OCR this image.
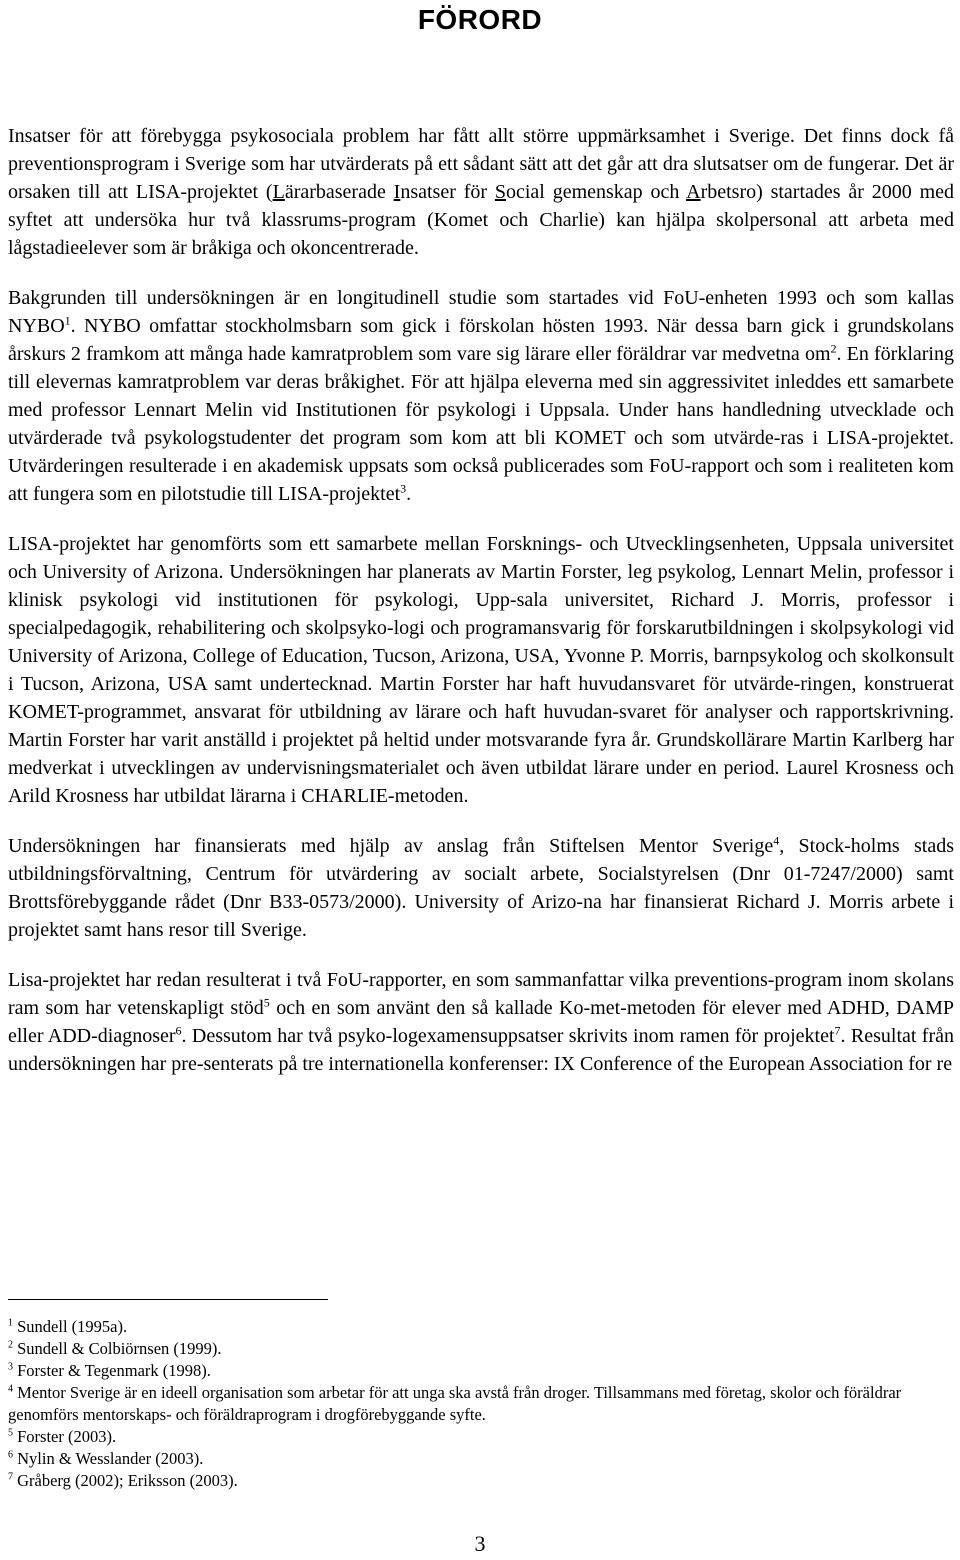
FÖRORD

Insatser för att förebygga psykosociala problem har fått allt större uppmärksamhet i Sverige. Det finns dock få preventionsprogram i Sverige som har utvärderats på ett sådant sätt att det går att dra slutsatser om de fungerar. Det är orsaken till att LISA-projektet (Lärarbaserade Insatser för Social gemenskap och Arbetsro) startades år 2000 med syftet att undersöka hur två klassrums-program (Komet och Charlie) kan hjälpa skolpersonal att arbeta med lågstadieelever som är bråkiga och okoncentrerade.

Bakgrunden till undersökningen är en longitudinell studie som startades vid FoU-enheten 1993 och som kallas NYBO$^1$. NYBO omfattar stockholmsbarn som gick i förskolan hösten 1993. När dessa barn gick i grundskolans årskurs 2 framkom att många hade kamratproblem som vare sig lärare eller föräldrar var medvetna $om^2$. En förklaring till elevernas kamratproblem var deras bråkighet. För att hjälpa eleverna med sin aggressivitet inleddes ett samarbete med professor Lennart Melin vid Institutionen för psykologi i Uppsala. Under hans handledning utvecklade och utvärderade två psykologstudenter det program som kom att bli KOMET och som utvärde-ras i LISA-projektet. Utvärderingen resulterade i en akademisk uppsats som också publicerades som FoU-rapport och som i realiteten kom att fungera som en pilotstudie till LISA-projektet$^3$.

LISA-projektet har genomförts som ett samarbete mellan Forsknings- och Utvecklingsenheten, Uppsala universitet och University of Arizona. Undersökningen har planerats av Martin Forster, leg psykolog, Lennart Melin, professor i klinisk psykologi vid institutionen för psykologi, Upp-sala universitet, Richard J. Morris, professor i specialpedagogik, rehabilitering och skolpsyko-logi och programansvarig för forskarutbildningen i skolpsykologi vid University of Arizona, College of Education, Tucson, Arizona, USA, Yvonne P. Morris, barnpsykolog och skolkonsult i Tucson, Arizona, USA samt undertecknad. Martin Forster har haft huvudansvaret för utvärde-ringen, konstruerat KOMET-programmet, ansvarat för utbildning av lärare och haft huvudan-svaret för analyser och rapportskrivning. Martin Forster har varit anställd i projektet på heltid under motsvarande fyra år. Grundskollärare Martin Karlberg har medverkat i utvecklingen av undervisningsmaterialet och även utbildat lärare under en period. Laurel Krosness och Arild Krosness har utbildat lärarna i CHARLIE-metoden.

Undersökningen har finansierats med hjälp av anslag från Stiftelsen Mentor Sverige$^4$, Stock-holms stads utbildningsförvaltning, Centrum för utvärdering av socialt arbete, Socialstyrelsen (Dnr 01-7247/2000) samt Brottsförebyggande rådet (Dnr B33-0573/2000). University of Arizo-na har finansierat Richard J. Morris arbete i projektet samt hans resor till Sverige.

Lisa-projektet har redan resulterat i två FoU-rapporter, en som sammanfattar vilka preventions-program inom skolans ram som har vetenskapligt stöd$^5$ och en som använt den så kallade Ko-met-metoden för elever med ADHD, DAMP eller ADD-diagnoser$^6$. Dessutom har två psyko-logexamensuppsatser skrivits inom ramen för projektet$^7$. Resultat från undersökningen har pre-senterats på tre internationella konferenser: IX Conference of the European Association for re

$^1$ Sundell (1995a).

$^2$ Sundell & Colbiörnsen (1999).

$^3$ Forster & Tegenmark (1998).

$^4$ Mentor Sverige är en ideell organisation som arbetar för att unga ska avstå från droger. Tillsammans med företag, skolor och föräldrar genomförs mentorskaps- och föräldraprogram i drogförebyggande syfte.

$^5$ Forster (2003).

$^6$ Nylin & Wesslander (2003).

$^7$ Gråberg (2002); Eriksson (2003).

3
